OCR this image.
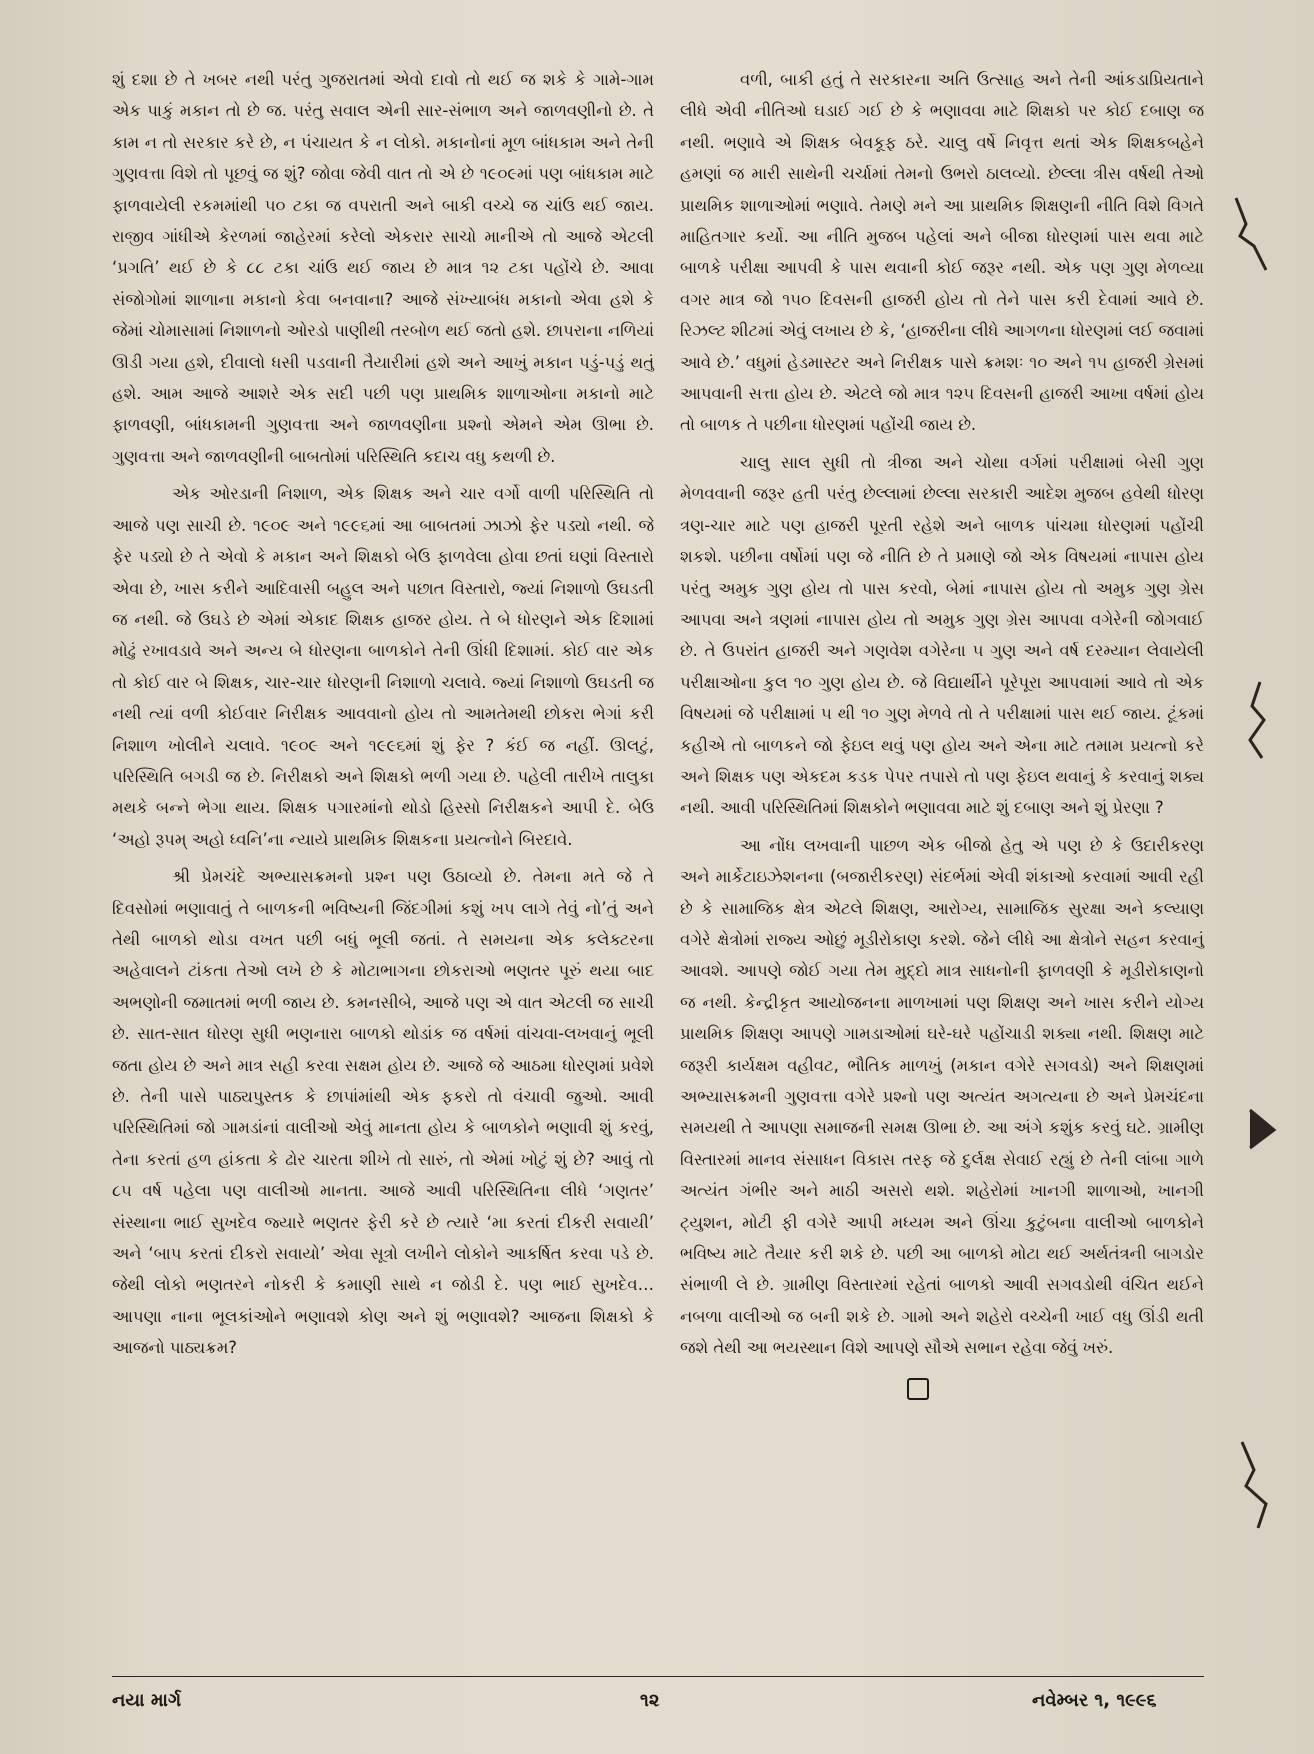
શું દશા છે તે ખબર નથી પરંતુ ગુજરાતમાં એવો દાવો તો થઈ જ શકે કે ગામે-ગામ એક પાકું મકાન તો છે જ. પરંતુ સવાલ એની સાર-સંભાળ અને જાળવણીનો છે. તે કામ ન તો સરકાર કરે છે, ન પંચાયત કે ન લોકો. મકાનોનાં મૂળ બાંધકામ અને તેની ગુણવત્તા વિશે તો પૂછવું જ શું? જોવા જેવી વાત તો એ છે ૧૯૦૯માં પણ બાંધકામ માટે ફાળવાયેલી રકમમાંથી ૫૦ ટકા જ વપરાતી અને બાકી વચ્ચે જ ચાંઉ થઈ જાય. રાજીવ ગાંધીએ કેરળમાં જાહેરમાં કરેલો એકરાર સાચો માનીએ તો આજે એટલી ‘પ્રગતિ’ થઈ છે કે ૮૮ ટકા ચાંઉ થઈ જાય છે માત્ર ૧૨ ટકા પહોંચે છે. આવા સંજોગોમાં શાળાના મકાનો કેવા બનવાના? આજે સંખ્યાબંધ મકાનો એવા હશે કે જેમાં ચોમાસામાં નિશાળનો ઓરડો પાણીથી તરબોળ થઈ જતો હશે. છાપરાના નળિયાં ઊડી ગયા હશે, દીવાલો ધસી પડવાની તૈયારીમાં હશે અને આખું મકાન પડું-પડું થતું હશે. આમ આજે આશરે એક સદી પછી પણ પ્રાથમિક શાળાઓના મકાનો માટે ફાળવણી, બાંધકામની ગુણવત્તા અને જાળવણીના પ્રશ્નો એમને એમ ઊભા છે. ગુણવત્તા અને જાળવણીની બાબતોમાં પરિસ્થિતિ કદાચ વધુ કથળી છે.

એક ઓરડાની નિશાળ, એક શિક્ષક અને ચાર વર્ગો વાળી પરિસ્થિતિ તો આજે પણ સાચી છે. ૧૯૦૯ અને ૧૯૯૬માં આ બાબતમાં ઝાઝો ફેર પડ્યો નથી. જે ફેર પડ્યો છે તે એવો કે મકાન અને શિક્ષકો બેઉ ફાળવેલા હોવા છતાં ઘણાં વિસ્તારો એવા છે, ખાસ કરીને આદિવાસી બહુલ અને પછાત વિસ્તારો, જ્યાં નિશાળો ઉઘડતી જ નથી. જે ઉઘડે છે એમાં એકાદ શિક્ષક હાજર હોય. તે બે ધોરણને એક દિશામાં મોઢું રખાવડાવે અને અન્ય બે ધોરણના બાળકોને તેની ઊંધી દિશામાં. કોઈ વાર એક તો કોઈ વાર બે શિક્ષક, ચાર-ચાર ધોરણની નિશાળો ચલાવે. જ્યાં નિશાળો ઉઘડતી જ નથી ત્યાં વળી કોઈવાર નિરીક્ષક આવવાનો હોય તો આમતેમથી છોકરા ભેગાં કરી નિશાળ ખોલીને ચલાવે. ૧૯૦૯ અને ૧૯૯૬માં શું ફેર ? કંઈ જ નહીં. ઊલટું, પરિસ્થિતિ બગડી જ છે. નિરીક્ષકો અને શિક્ષકો ભળી ગયા છે. પહેલી તારીખે તાલુકા મથકે બન્ને ભેગા થાય. શિક્ષક પગારમાંનો થોડો હિસ્સો નિરીક્ષકને આપી દે. બેઉ ‘અહો રૂપમ્ અહો ધ્વનિ’ના ન્યાયે પ્રાથમિક શિક્ષકના પ્રયત્નોને બિરદાવે.

શ્રી પ્રેમચંદે અભ્યાસક્રમનો પ્રશ્ન પણ ઉઠાવ્યો છે. તેમના મતે જે તે દિવસોમાં ભણાવાતું તે બાળકની ભવિષ્યની જિંદગીમાં કશું ખપ લાગે તેવું નો’તું અને તેથી બાળકો થોડા વખત પછી બધું ભૂલી જતાં. તે સમયના એક કલેક્ટરના અહેવાલને ટાંકતા તેઓ લખે છે કે મોટાભાગના છોકરાઓ ભણતર પૂરું થયા બાદ અભણોની જમાતમાં ભળી જાય છે. કમનસીબે, આજે પણ એ વાત એટલી જ સાચી છે. સાત-સાત ધોરણ સુધી ભણનારા બાળકો થોડાંક જ વર્ષમાં વાંચવા-લખવાનું ભૂલી જતા હોય છે અને માત્ર સહી કરવા સક્ષમ હોય છે. આજે જે આઠમા ધોરણમાં પ્રવેશે છે. તેની પાસે પાઠ્યપુસ્તક કે છાપાંમાંથી એક ફકરો તો વંચાવી જુઓ. આવી પરિસ્થિતિમાં જો ગામડાંનાં વાલીઓ એવું માનતા હોય કે બાળકોને ભણાવી શું કરવું, તેના કરતાં હળ હાંકતા કે ઢોર ચારતા શીખે તો સારું, તો એમાં ખોટું શું છે? આવું તો ૮૫ વર્ષ પહેલા પણ વાલીઓ માનતા. આજે આવી પરિસ્થિતિના લીધે ‘ગણતર’ સંસ્થાના ભાઈ સુખદેવ જ્યારે ભણતર ફેરી કરે છે ત્યારે ‘મા કરતાં દીકરી સવાયી’ અને ‘બાપ કરતાં દીકરો સવાયો’ એવા સૂત્રો લખીને લોકોને આકર્ષિત કરવા પડે છે. જેથી લોકો ભણતરને નોકરી કે કમાણી સાથે ન જોડી દે. પણ ભાઈ સુખદેવ… આપણા નાના ભૂલકાંઓને ભણાવશે કોણ અને શું ભણાવશે? આજના શિક્ષકો કે આજનો પાઠ્યક્રમ?

વળી, બાકી હતું તે સરકારના અતિ ઉત્સાહ અને તેની આંકડાપ્રિયતાને લીધે એવી નીતિઓ ઘડાઈ ગઈ છે કે ભણાવવા માટે શિક્ષકો પર કોઈ દબાણ જ નથી. ભણાવે એ શિક્ષક બેવકૂફ ઠરે. ચાલુ વર્ષે નિવૃત્ત થતાં એક શિક્ષકબહેને હમણાં જ મારી સાથેની ચર્ચામાં તેમનો ઉભરો ઠાલવ્યો. છેલ્લા ત્રીસ વર્ષથી તેઓ પ્રાથમિક શાળાઓમાં ભણાવે. તેમણે મને આ પ્રાથમિક શિક્ષણની નીતિ વિશે વિગતે માહિતગાર કર્યો. આ નીતિ મુજબ પહેલાં અને બીજા ધોરણમાં પાસ થવા માટે બાળકે પરીક્ષા આપવી કે પાસ થવાની કોઈ જરૂર નથી. એક પણ ગુણ મેળવ્યા વગર માત્ર જો ૧૫૦ દિવસની હાજરી હોય તો તેને પાસ કરી દેવામાં આવે છે. રિઝલ્ટ શીટમાં એવું લખાય છે કે, ‘હાજરીના લીધે આગળના ધોરણમાં લઈ જવામાં આવે છે.’ વધુમાં હેડમાસ્ટર અને નિરીક્ષક પાસે ક્રમશઃ ૧૦ અને ૧૫ હાજરી ગ્રેસમાં આપવાની સત્તા હોય છે. એટલે જો માત્ર ૧૨૫ દિવસની હાજરી આખા વર્ષમાં હોય તો બાળક તે પછીના ધોરણમાં પહોંચી જાય છે.

ચાલુ સાલ સુધી તો ત્રીજા અને ચોથા વર્ગમાં પરીક્ષામાં બેસી ગુણ મેળવવાની જરૂર હતી પરંતુ છેલ્લામાં છેલ્લા સરકારી આદેશ મુજબ હવેથી ધોરણ ત્રણ-ચાર માટે પણ હાજરી પૂરતી રહેશે અને બાળક પાંચમા ધોરણમાં પહોંચી શકશે. પછીના વર્ષોમાં પણ જે નીતિ છે તે પ્રમાણે જો એક વિષયમાં નાપાસ હોય પરંતુ અમુક ગુણ હોય તો પાસ કરવો, બેમાં નાપાસ હોય તો અમુક ગુણ ગ્રેસ આપવા અને ત્રણમાં નાપાસ હોય તો અમુક ગુણ ગ્રેસ આપવા વગેરેની જોગવાઈ છે. તે ઉપરાંત હાજરી અને ગણવેશ વગેરેના ૫ ગુણ અને વર્ષ દરમ્યાન લેવાયેલી પરીક્ષાઓના કુલ ૧૦ ગુણ હોય છે. જે વિદ્યાર્થીને પૂરેપૂરા આપવામાં આવે તો એક વિષયમાં જે પરીક્ષામાં ૫ થી ૧૦ ગુણ મેળવે તો તે પરીક્ષામાં પાસ થઈ જાય. ટૂંકમાં કહીએ તો બાળકને જો ફેઇલ થવું પણ હોય અને એના માટે તમામ પ્રયત્નો કરે અને શિક્ષક પણ એકદમ કડક પેપર તપાસે તો પણ ફેઇલ થવાનું કે કરવાનું શક્ય નથી. આવી પરિસ્થિતિમાં શિક્ષકોને ભણાવવા માટે શું દબાણ અને શું પ્રેરણા ?

આ નોંધ લખવાની પાછળ એક બીજો હેતુ એ પણ છે કે ઉદારીકરણ અને માર્કેટાઇઝેશનના (બજારીકરણ) સંદર્ભમાં એવી શંકાઓ કરવામાં આવી રહી છે કે સામાજિક ક્ષેત્ર એટલે શિક્ષણ, આરોગ્ય, સામાજિક સુરક્ષા અને કલ્યાણ વગેરે ક્ષેત્રોમાં રાજ્ય ઓછું મૂડીરોકાણ કરશે. જેને લીધે આ ક્ષેત્રોને સહન કરવાનું આવશે. આપણે જોઈ ગયા તેમ મુદ્દો માત્ર સાધનોની ફાળવણી કે મૂડીરોકાણનો જ નથી. કેન્દ્રીકૃત આયોજનના માળખામાં પણ શિક્ષણ અને ખાસ કરીને યોગ્ય પ્રાથમિક શિક્ષણ આપણે ગામડાઓમાં ઘરે-ઘરે પહોંચાડી શક્યા નથી. શિક્ષણ માટે જરૂરી કાર્યક્ષમ વહીવટ, ભૌતિક માળખું (મકાન વગેરે સગવડો) અને શિક્ષણમાં અભ્યાસક્રમની ગુણવત્તા વગેરે પ્રશ્નો પણ અત્યંત અગત્યના છે અને પ્રેમચંદના સમયથી તે આપણા સમાજની સમક્ષ ઊભા છે. આ અંગે કશુંક કરવું ઘટે. ગ્રામીણ વિસ્તારમાં માનવ સંસાધન વિકાસ તરફ જે દુર્લક્ષ સેવાઈ રહ્યું છે તેની લાંબા ગાળે અત્યંત ગંભીર અને માઠી અસરો થશે. શહેરોમાં ખાનગી શાળાઓ, ખાનગી ટ્યુશન, મોટી ફી વગેરે આપી મધ્યમ અને ઊંચા કુટુંબના વાલીઓ બાળકોને ભવિષ્ય માટે તૈયાર કરી શકે છે. પછી આ બાળકો મોટા થઈ અર્થતંત્રની બાગડોર સંભાળી લે છે. ગ્રામીણ વિસ્તારમાં રહેતાં બાળકો આવી સગવડોથી વંચિત થઈને નબળા વાલીઓ જ બની શકે છે. ગામો અને શહેરો વચ્ચેની ખાઈ વધુ ઊંડી થતી જશે તેથી આ ભયસ્થાન વિશે આપણે સૌએ સભાન રહેવા જેવું ખરું.

નયા માર્ગ	૧૨	નવેમ્બર ૧, ૧૯૯૬
